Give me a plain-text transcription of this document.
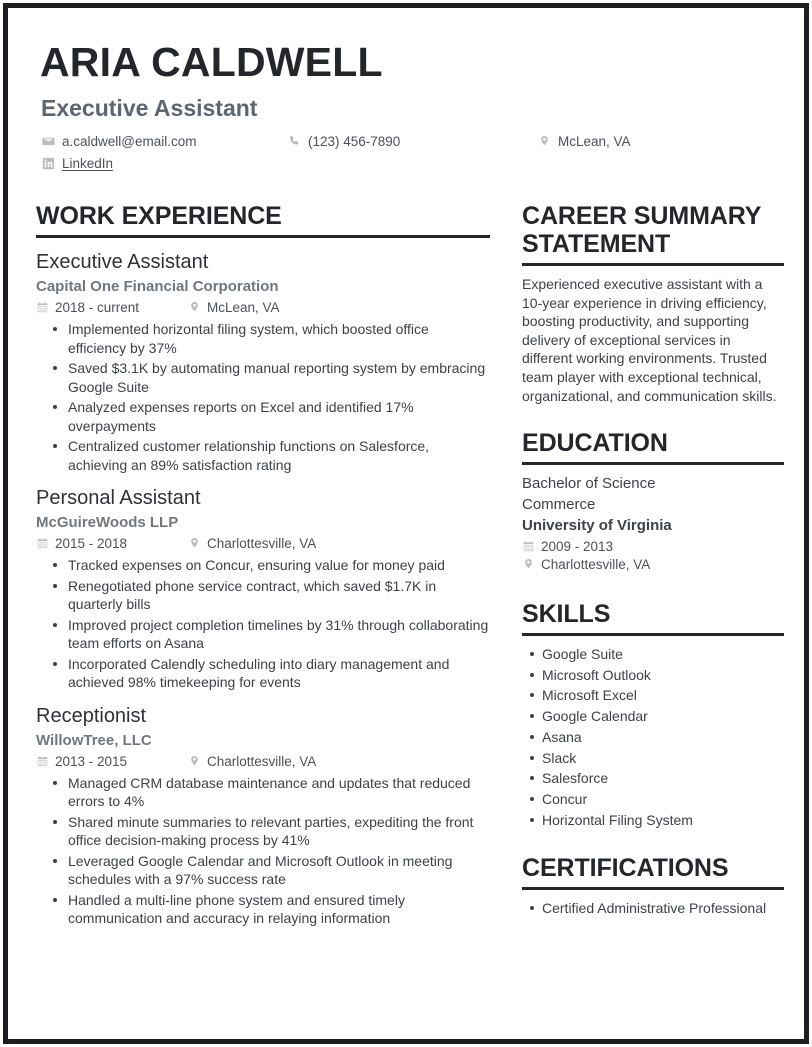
ARIA CALDWELL
Executive Assistant
a.caldwell@email.com	(123) 456-7890	McLean, VA
LinkedIn
WORK EXPERIENCE
Executive Assistant
Capital One Financial Corporation
2018 - current	McLean, VA
Implemented horizontal filing system, which boosted office efficiency by 37%
Saved $3.1K by automating manual reporting system by embracing Google Suite
Analyzed expenses reports on Excel and identified 17% overpayments
Centralized customer relationship functions on Salesforce, achieving an 89% satisfaction rating
Personal Assistant
McGuireWoods LLP
2015 - 2018	Charlottesville, VA
Tracked expenses on Concur, ensuring value for money paid
Renegotiated phone service contract, which saved $1.7K in quarterly bills
Improved project completion timelines by 31% through collaborating team efforts on Asana
Incorporated Calendly scheduling into diary management and achieved 98% timekeeping for events
Receptionist
WillowTree, LLC
2013 - 2015	Charlottesville, VA
Managed CRM database maintenance and updates that reduced errors to 4%
Shared minute summaries to relevant parties, expediting the front office decision-making process by 41%
Leveraged Google Calendar and Microsoft Outlook in meeting schedules with a 97% success rate
Handled a multi-line phone system and ensured timely communication and accuracy in relaying information
CAREER SUMMARY STATEMENT
Experienced executive assistant with a 10-year experience in driving efficiency, boosting productivity, and supporting delivery of exceptional services in different working environments. Trusted team player with exceptional technical, organizational, and communication skills.
EDUCATION
Bachelor of Science
Commerce
University of Virginia
2009 - 2013
Charlottesville, VA
SKILLS
Google Suite
Microsoft Outlook
Microsoft Excel
Google Calendar
Asana
Slack
Salesforce
Concur
Horizontal Filing System
CERTIFICATIONS
Certified Administrative Professional
